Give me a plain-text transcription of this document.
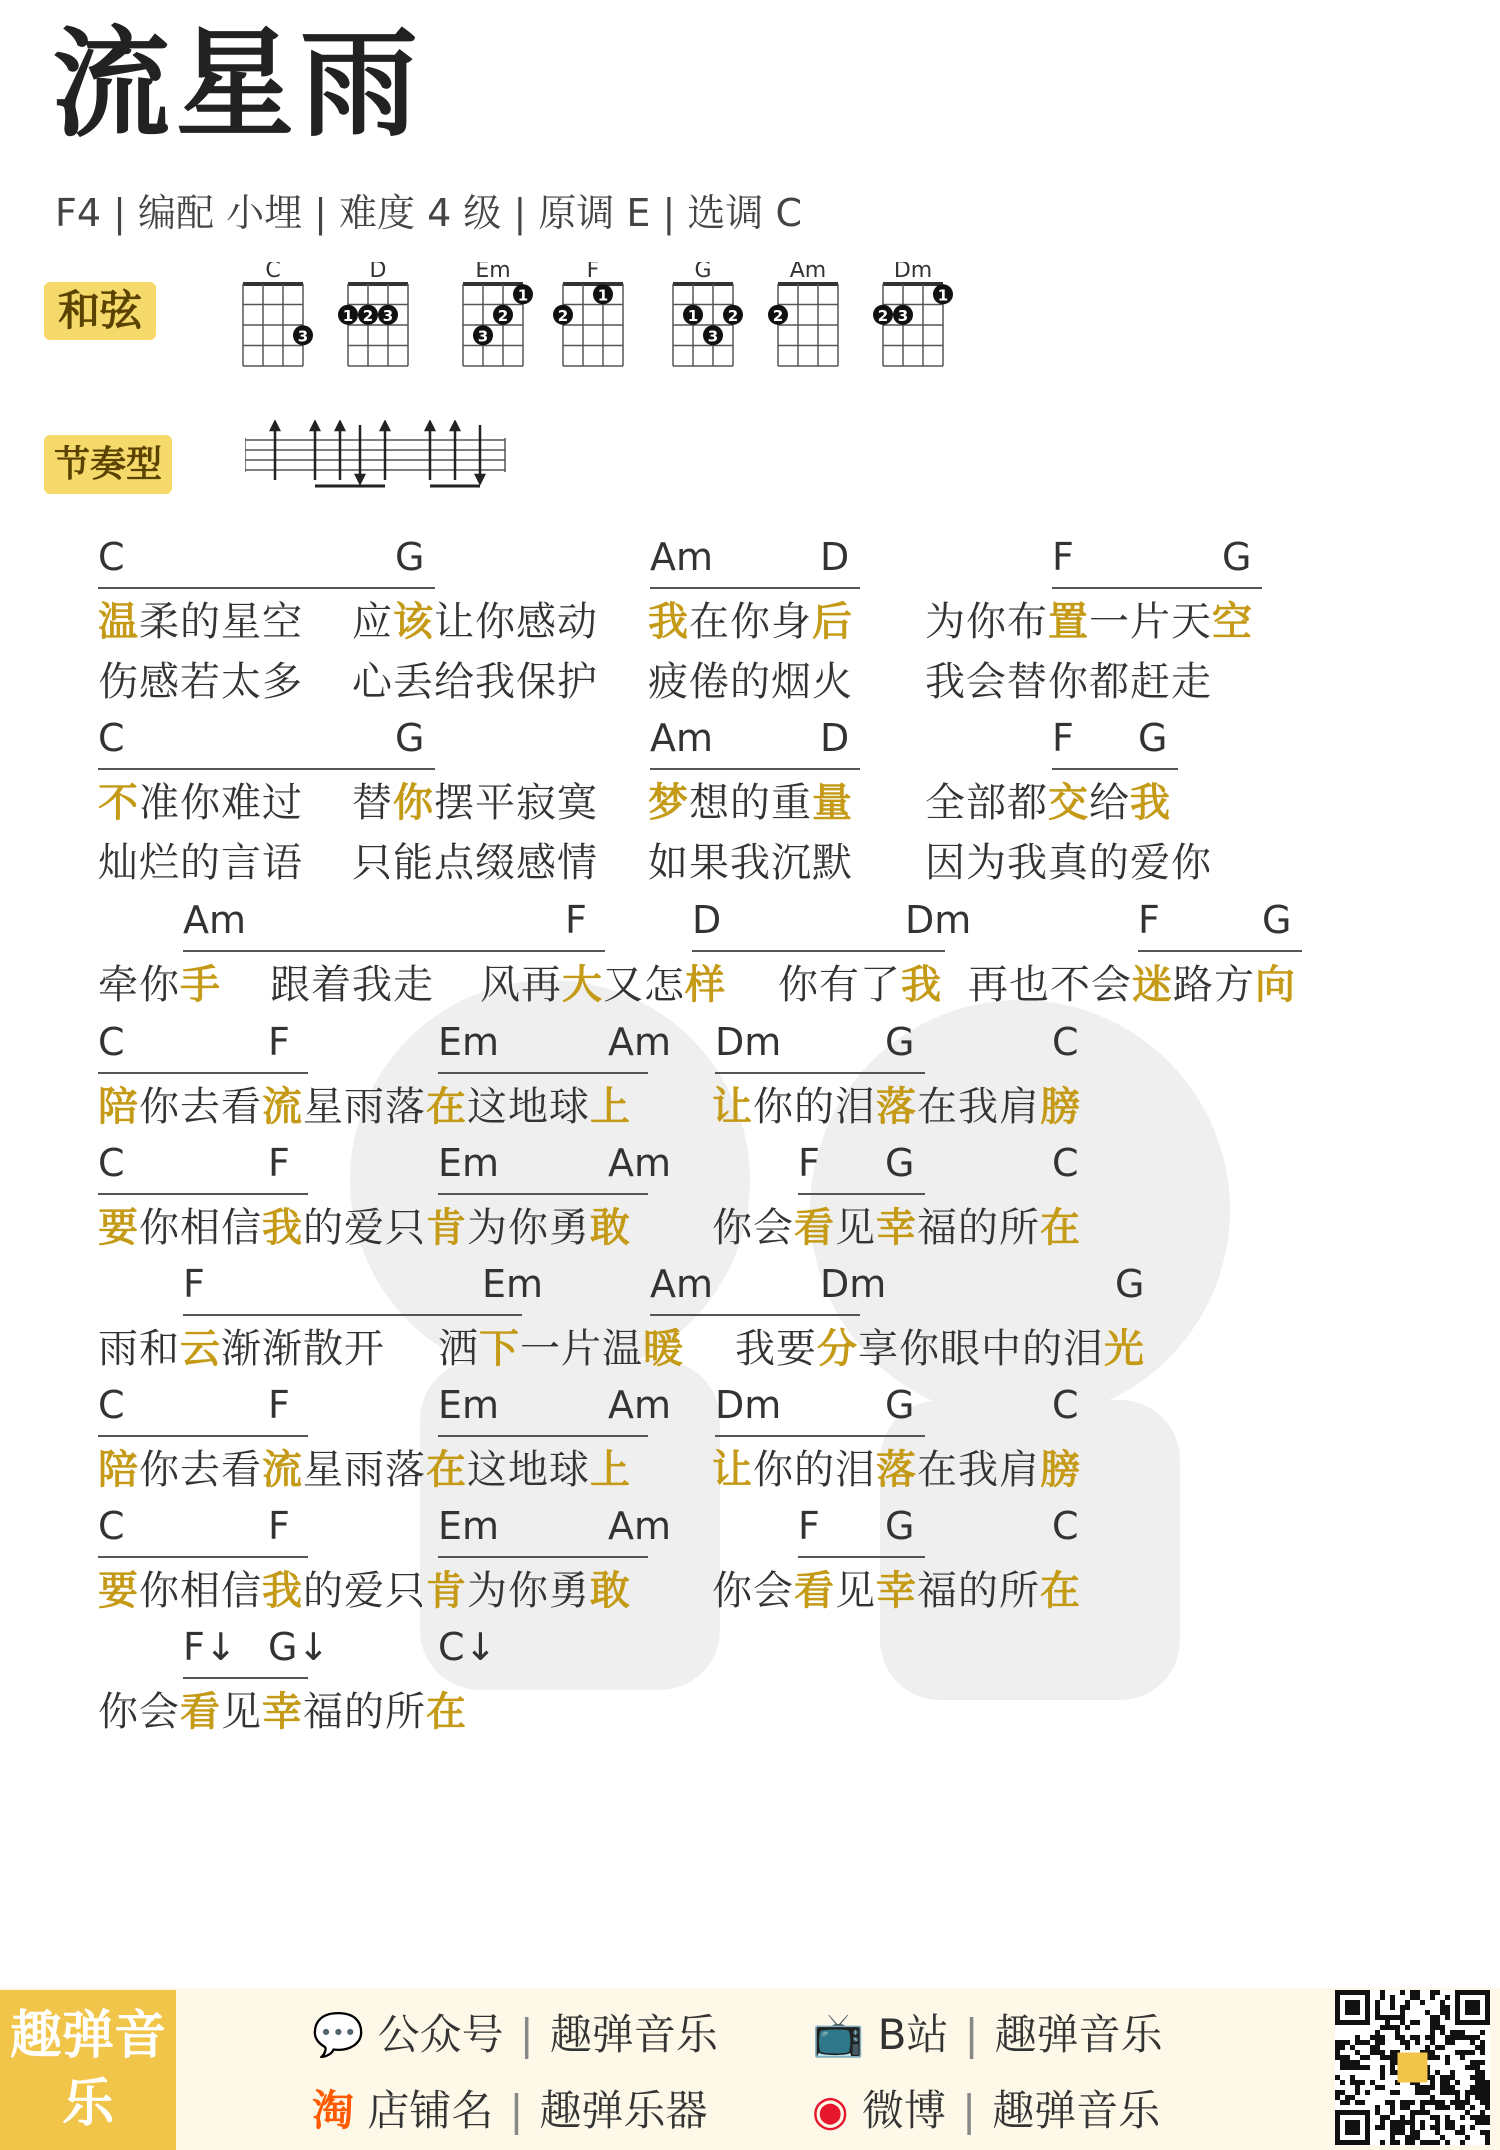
流星雨
F4 | 编配 小埋 | 难度 4 级 | 原调 E | 选调 C
和弦
节奏型
C
3
D
1 2 3
Em
1
2
3
F
2
1
G
1 2
3
Am
2
Dm
1
2 3
C	G	Am	D	F	G
温柔的星空 应该让你感动 我在你身后 为你布置一片天空
伤感若太多 心丢给我保护 疲倦的烟火 我会替你都赶走
C	G	Am	D	F G
不准你难过 替你摆平寂寞 梦想的重量 全部都交给我
灿烂的言语 只能点缀感情 如果我沉默 因为我真的爱你
Am	F	D	Dm	F	G
牵你手 跟着我走 风再大又怎样 你有了我 再也不会迷路方向
C	F	Em	Am Dm	G	C
陪你去看流星雨落在这地球上 让你的泪落在我肩膀
C	F	Em	Am	F G	C
要你相信我的爱只肯为你勇敢 你会看见幸福的所在
F	Em	Am	Dm	G
雨和云渐渐散开 洒下一片温暖 我要分享你眼中的泪光
C	F	Em	Am Dm	G	C
陪你去看流星雨落在这地球上 让你的泪落在我肩膀
C	F	Em	Am	F G	C
要你相信我的爱只肯为你勇敢 你会看见幸福的所在
F↓ G↓	C↓
你会看见幸福的所在
趣弹音乐
💬 公众号 | 趣弹音乐
淘 店铺名 | 趣弹乐器
📺 B站 | 趣弹音乐
◉ 微博 | 趣弹音乐
